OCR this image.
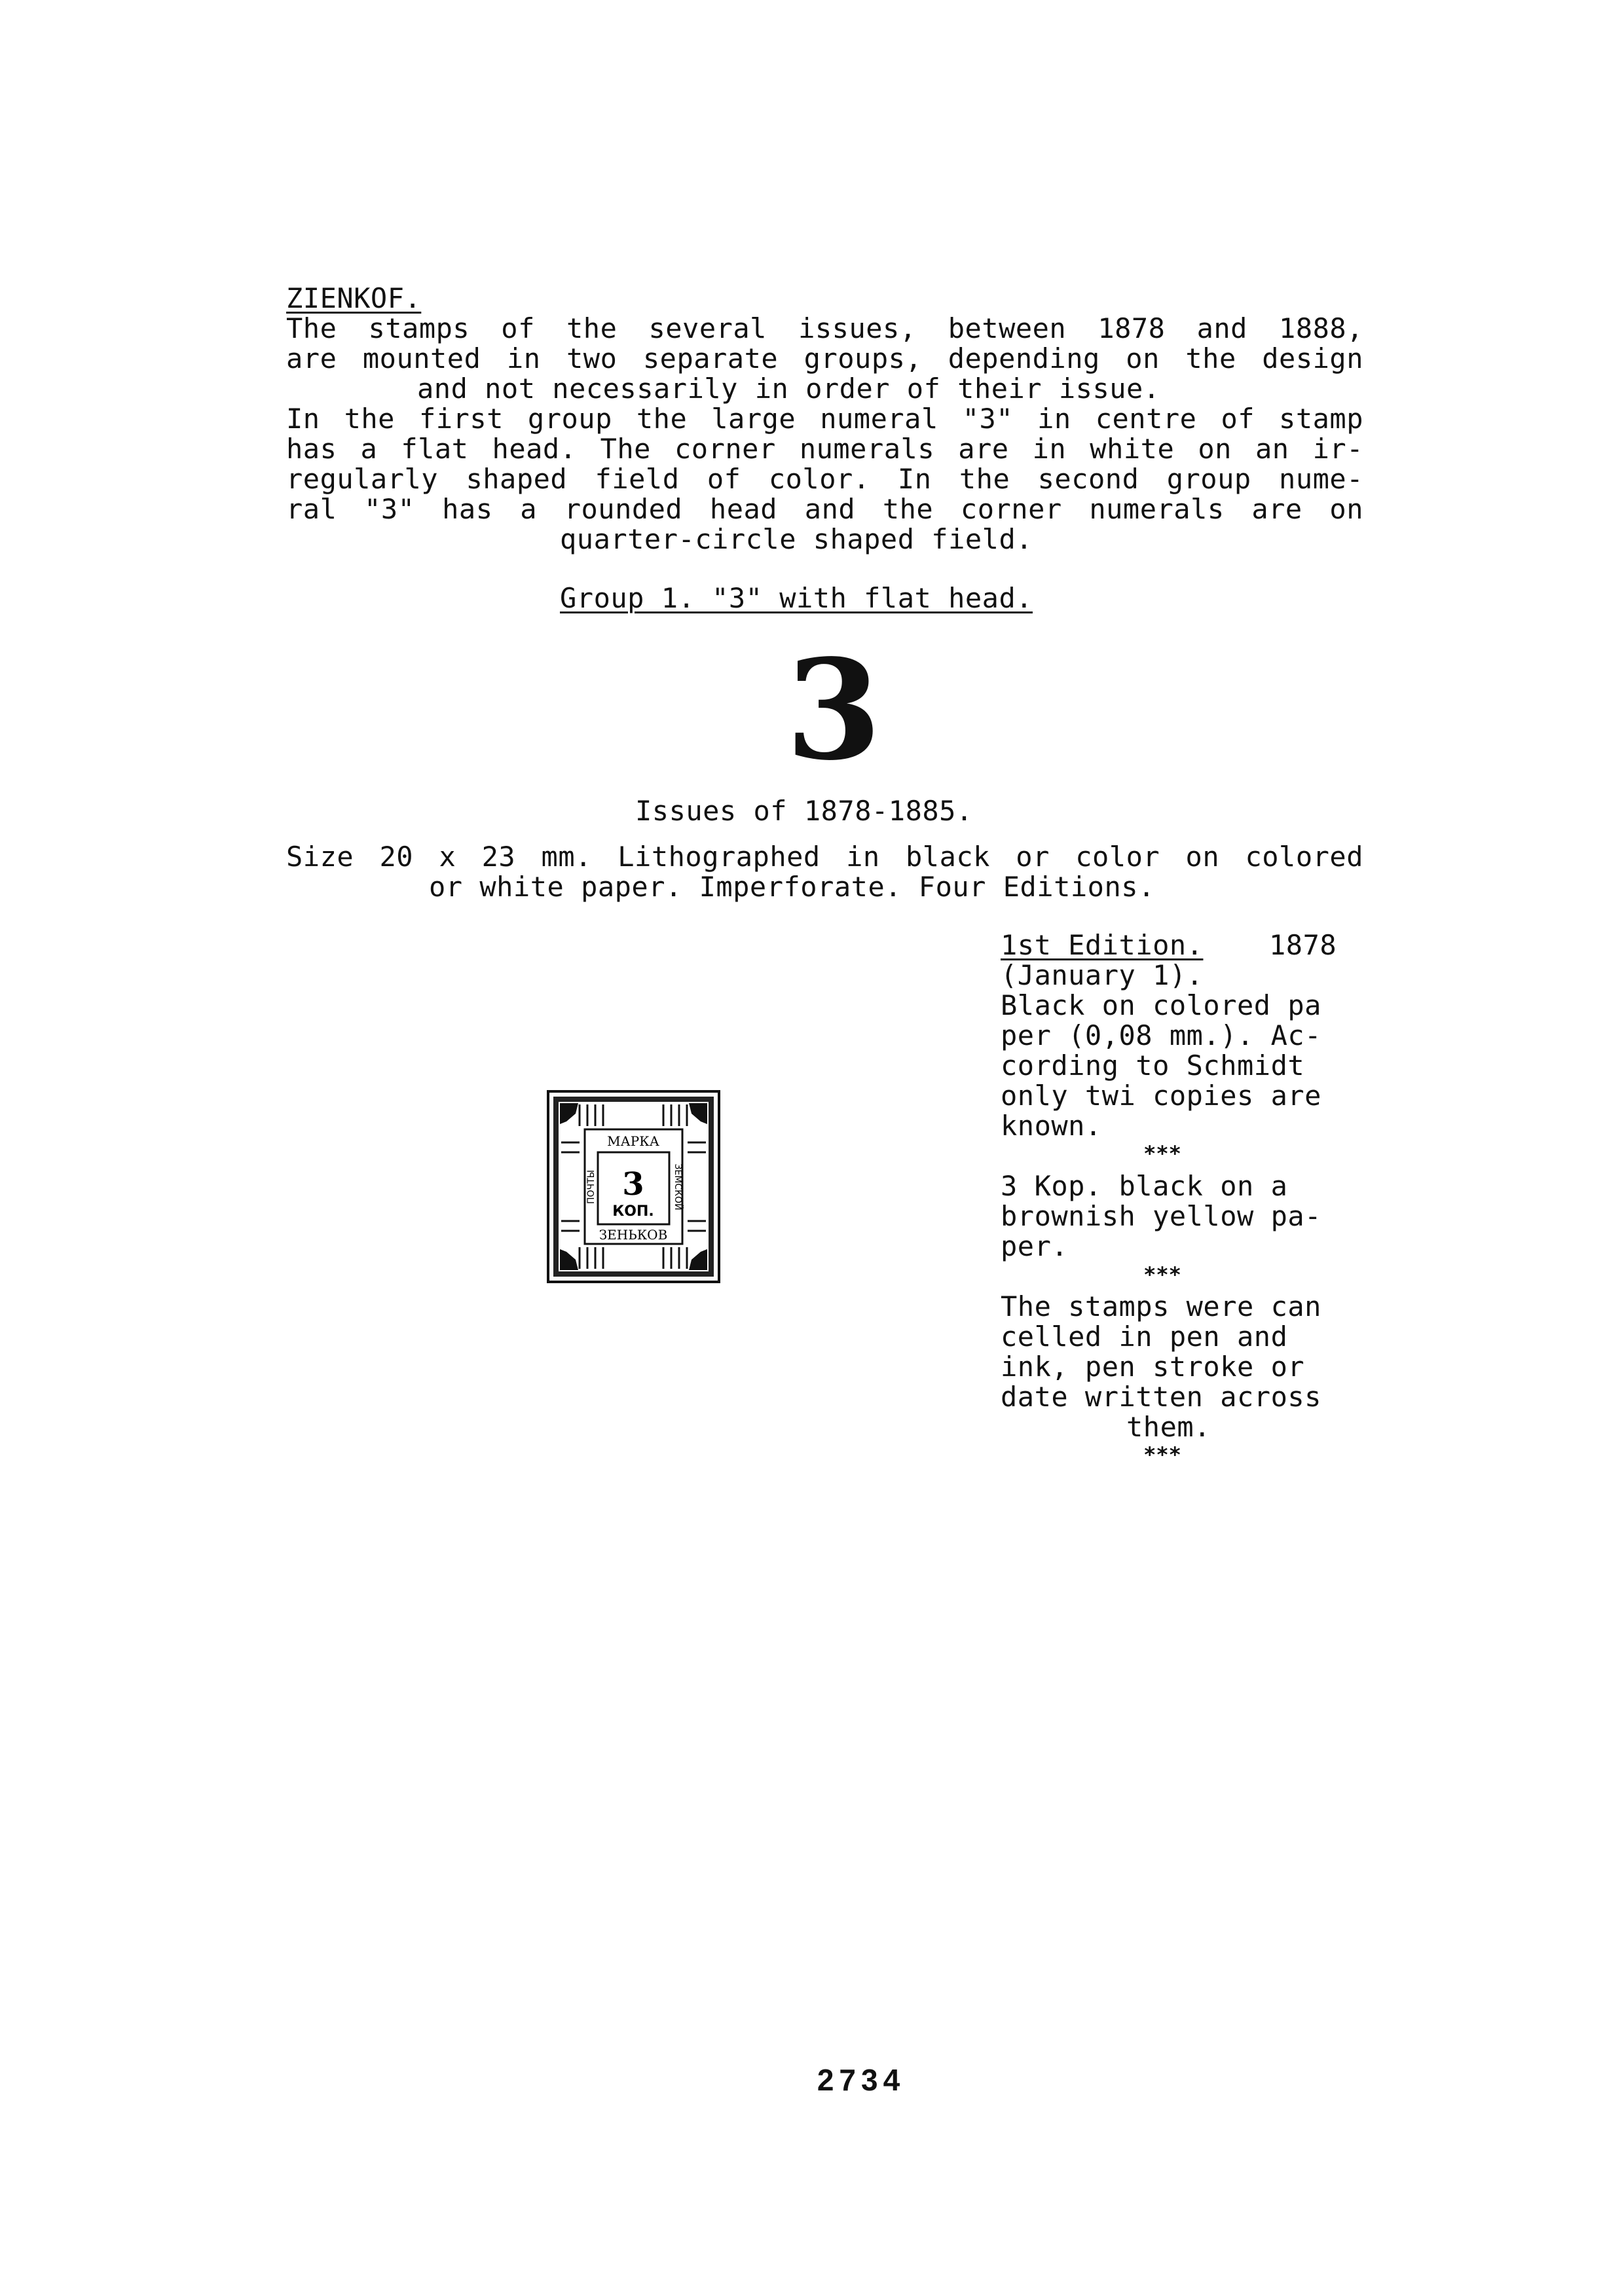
ZIENKOF.
The stamps of the several issues, between 1878 and 1888,
are mounted in two separate groups, depending on the design
and not necessarily in order of their issue.
In the first group the large numeral "3" in centre of stamp
has a flat head. The corner numerals are in white on an ir-
regularly shaped field of color. In the second group nume-
ral "3" has a rounded head and the corner numerals are on
quarter-circle shaped field.
Group 1. "3" with flat head.
3
Issues of 1878-1885.
Size 20 x 23 mm. Lithographed in black or color on colored
or white paper. Imperforate. Four Editions.
МАРКА
ЗЕНЬКОВ
3
КОП.
ПОЧТЫ	ЗЕМСКОЙ
1st Edition. 1878
(January 1).
Black on colored pa
per (0,08 mm.). Ac-
cording to Schmidt
only twi copies are
known.
***
3 Kop. black on a
brownish yellow pa-
per.
***
The stamps were can
celled in pen and
ink, pen stroke or
date written across
them.
***
2734
